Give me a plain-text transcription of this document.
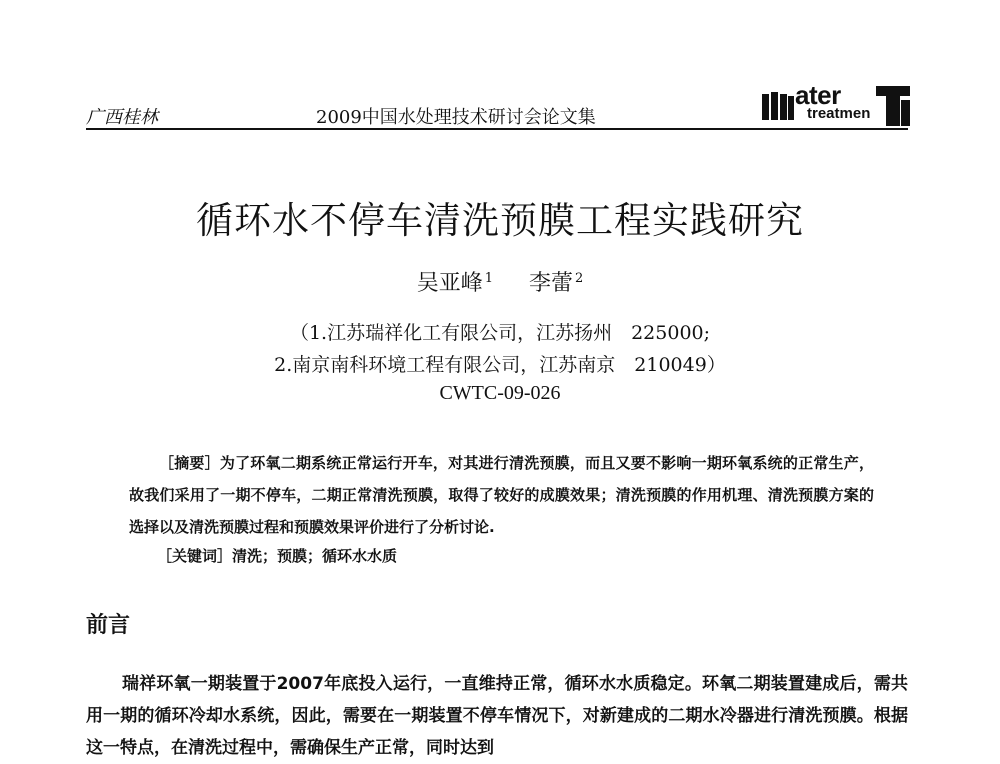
广西桂林	2009中国水处理技术研讨会论文集
ater
treatmen
循环水不停车清洗预膜工程实践研究
吴亚峰 $^1$ 李蕾 $^2$
（1.江苏瑞祥化工有限公司，江苏扬州　225000;
2.南京南科环境工程有限公司，江苏南京　210049）
CWTC-09-026

［摘要］为了环氧二期系统正常运行开车，对其进行清洗预膜，而且又要不影响一期环氧系统的正常生产，故我们采用了一期不停车，二期正常清洗预膜，取得了较好的成膜效果；清洗预膜的作用机理、清洗预膜方案的选择以及清洗预膜过程和预膜效果评价进行了分析讨论.

［关键词］清洗；预膜；循环水水质
前言

瑞祥环氧一期装置于2007年底投入运行，一直维持正常，循环水水质稳定。环氧二期装置建成后，需共用一期的循环冷却水系统，因此，需要在一期装置不停车情况下，对新建成的二期水冷器进行清洗预膜。根据这一特点，在清洗过程中，需确保生产正常，同时达到
